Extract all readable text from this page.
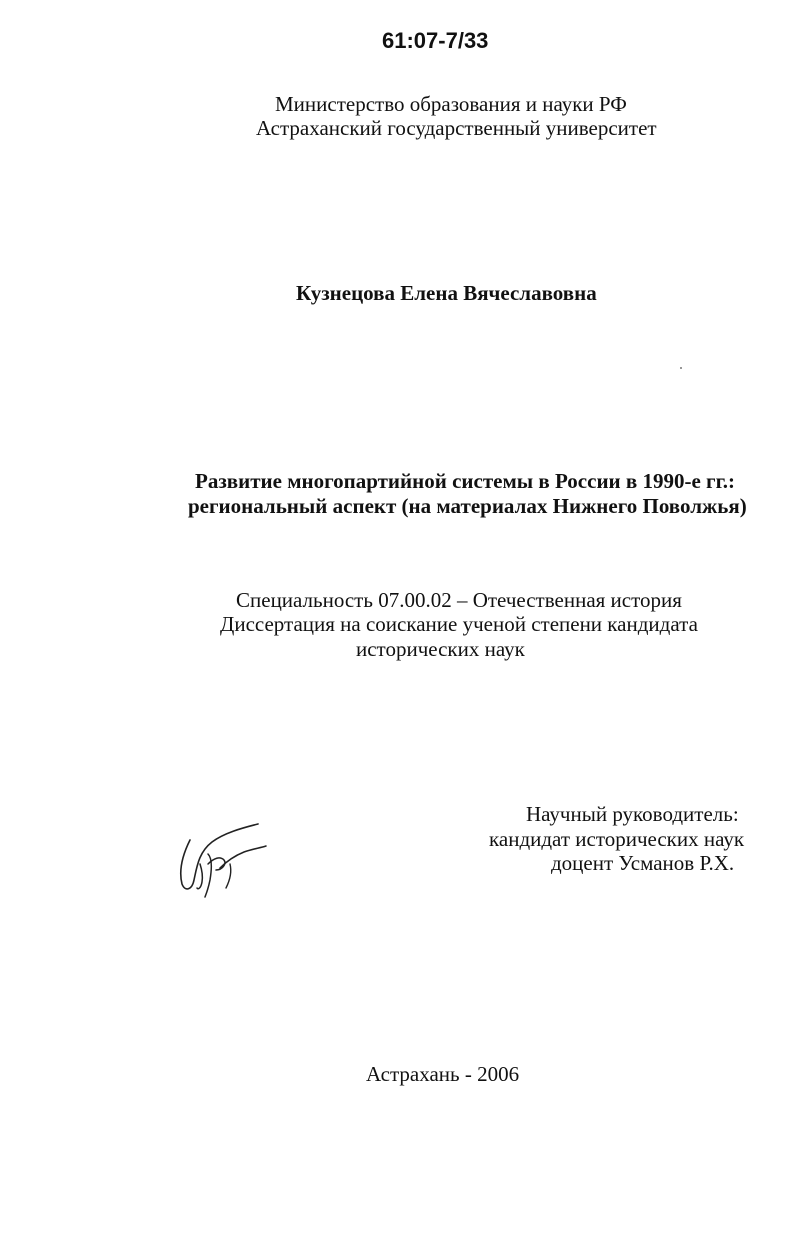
61:07-7/33
Министерство образования и науки РФ
Астраханский государственный университет
Кузнецова Елена Вячеславовна
Развитие многопартийной системы в России в 1990-е гг.:
региональный аспект (на материалах Нижнего Поволжья)
Специальность 07.00.02 – Отечественная история
Диссертация на соискание ученой степени кандидата
исторических наук
Научный руководитель:
кандидат исторических наук
доцент Усманов Р.Х.
Астрахань - 2006
